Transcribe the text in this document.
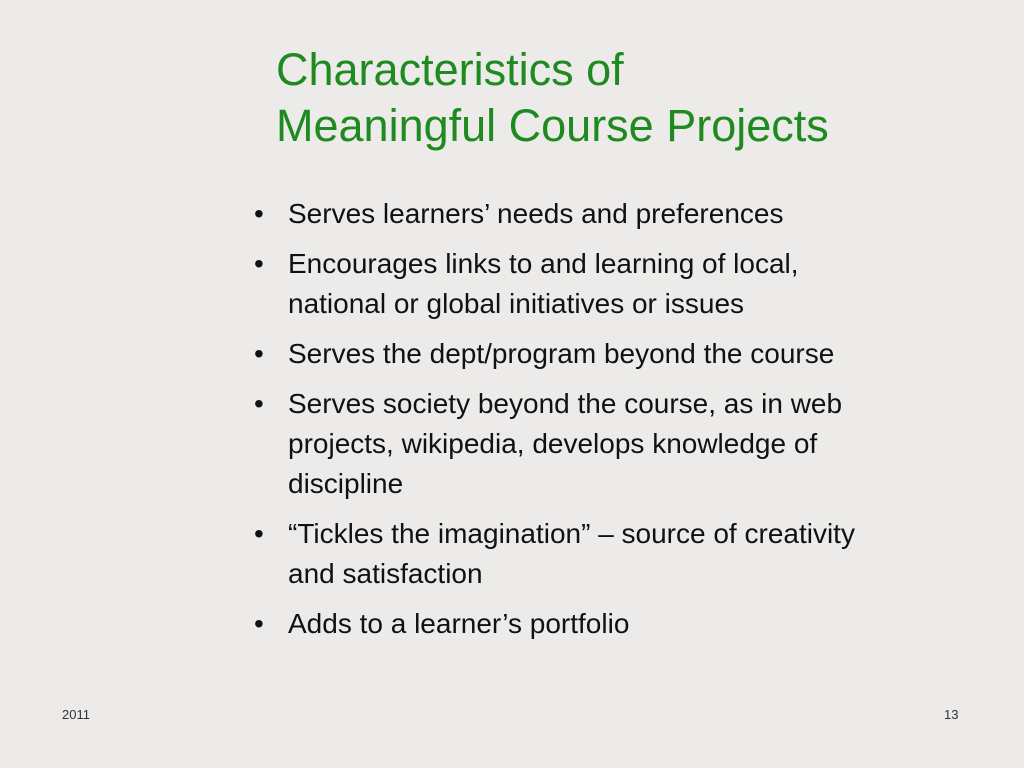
Characteristics of
Meaningful Course Projects
• Serves learners’ needs and preferences
• Encourages links to and learning of local,
national or global initiatives or issues
• Serves the dept/program beyond the course
• Serves society beyond the course, as in web
projects, wikipedia, develops knowledge of
discipline
• “Tickles the imagination” – source of creativity
and satisfaction
• Adds to a learner’s portfolio
2011	13
